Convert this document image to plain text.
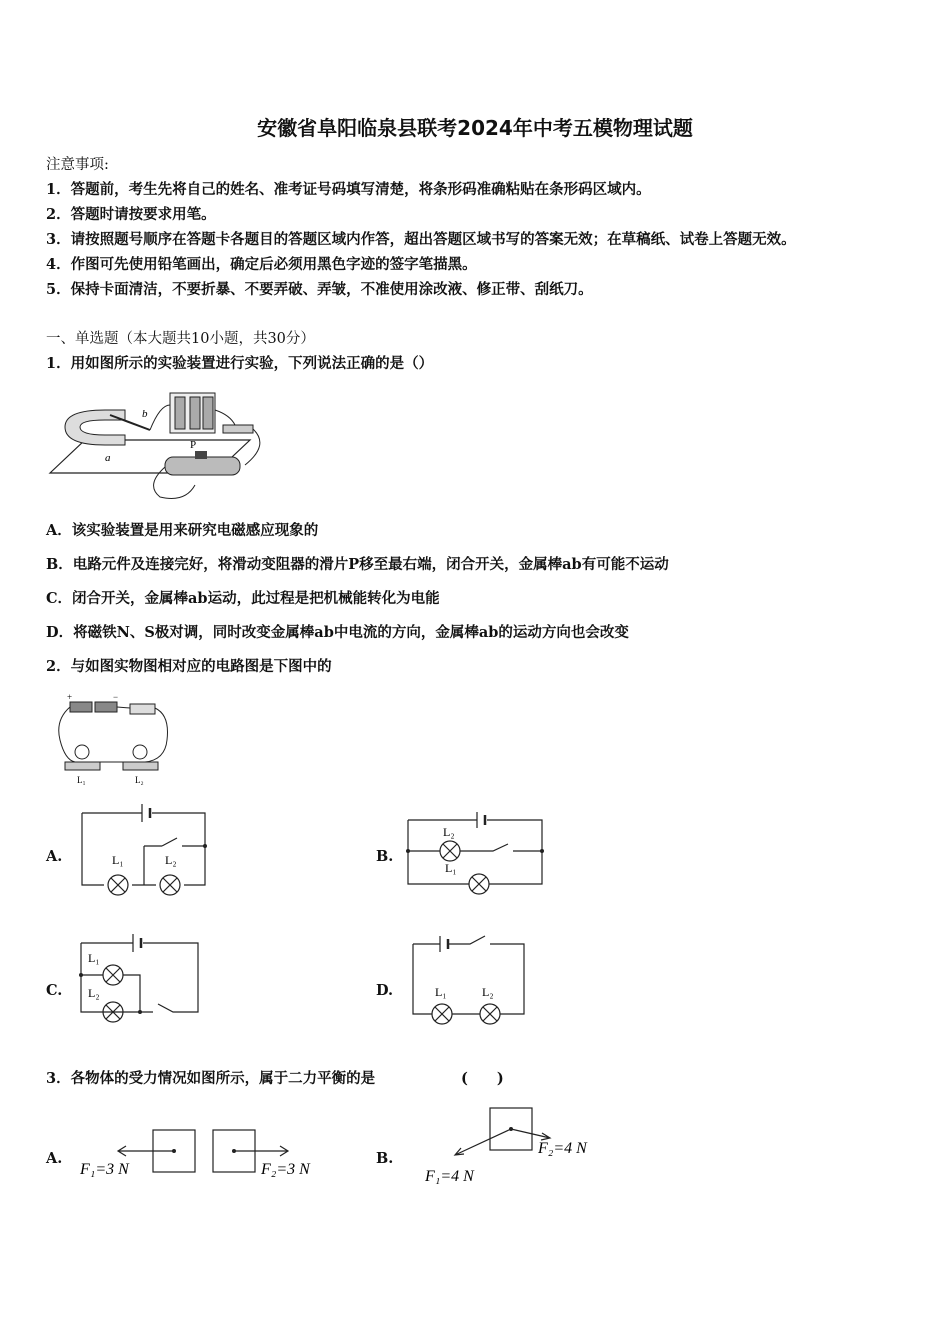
安徽省阜阳临泉县联考2024年中考五模物理试题
注意事项:
1．答题前，考生先将自己的姓名、准考证号码填写清楚，将条形码准确粘贴在条形码区域内。
2．答题时请按要求用笔。
3．请按照题号顺序在答题卡各题目的答题区域内作答，超出答题区域书写的答案无效；在草稿纸、试卷上答题无效。
4．作图可先使用铅笔画出，确定后必须用黑色字迹的签字笔描黑。
5．保持卡面清洁，不要折暴、不要弄破、弄皱，不准使用涂改液、修正带、刮纸刀。
一、单选题（本大题共10小题，共30分）
1．用如图所示的实验装置进行实验，下列说法正确的是（）
a
b
P
A．该实验装置是用来研究电磁感应现象的
B．电路元件及连接完好，将滑动变阻器的滑片P移至最右端，闭合开关，金属棒ab有可能不运动
C．闭合开关，金属棒ab运动，此过程是把机械能转化为电能
D．将磁铁N、S极对调，同时改变金属棒ab中电流的方向，金属棒ab的运动方向也会改变
2．与如图实物图相对应的电路图是下图中的
+	−
L₁	L₂
A.	L₁	L₂	B.
L₂
L₁
C.
L₁
L₂	D.	L₁	L₂
3．各物体的受力情况如图所示，属于二力平衡的是	(　　)
A.
F₁=3 N	F₂=3 N
B.
F₂=4 N
F₁=4 N
